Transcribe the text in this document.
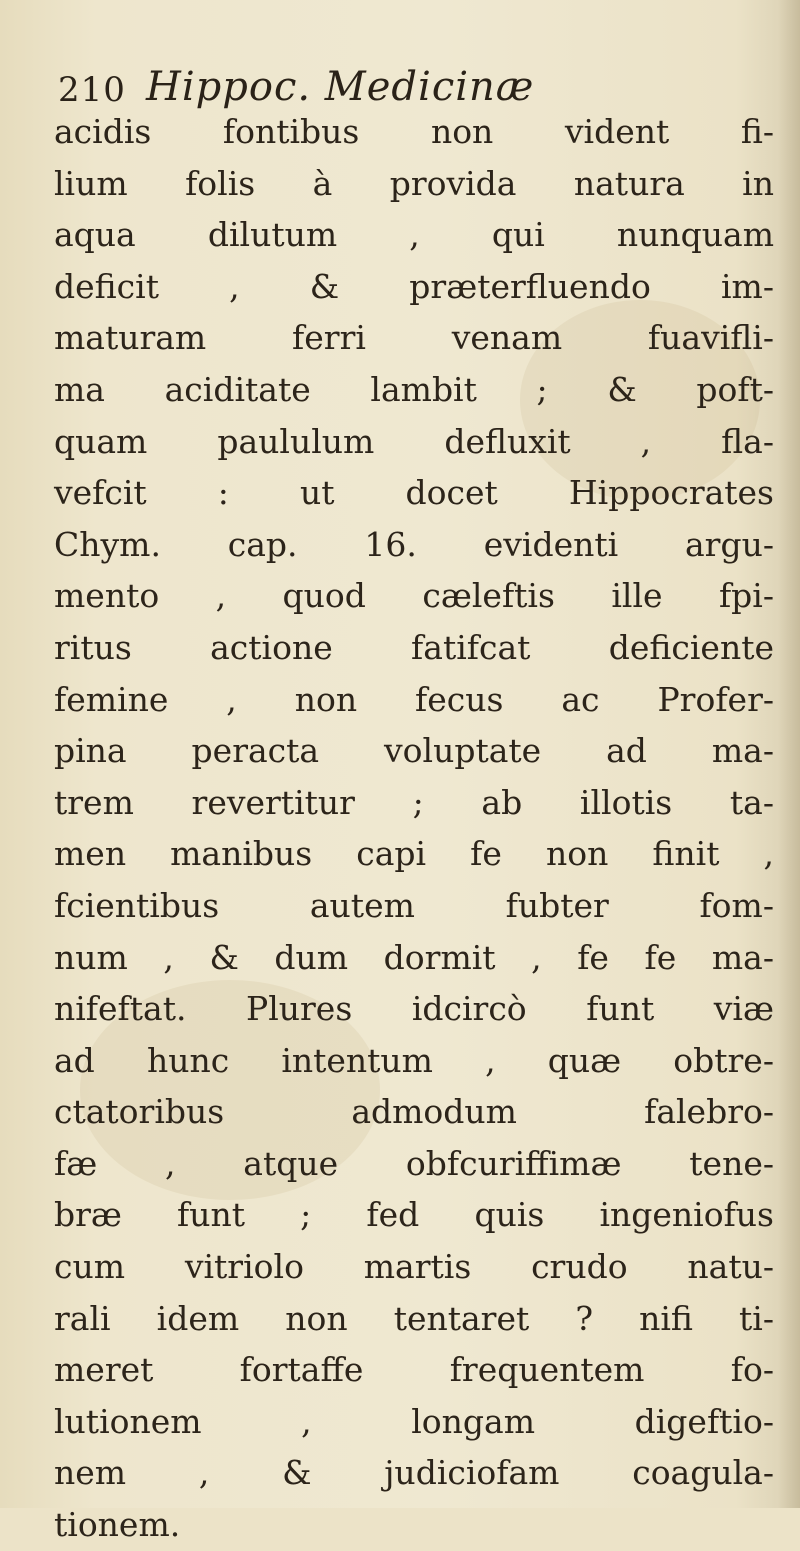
210 Hippoc. Medicinæ
acidis fontibus non vident fi-
lium folis à provida natura in
aqua dilutum , qui nunquam
deficit , & præterfluendo im-
maturam ferri venam fuavifli-
ma aciditate lambit ; & poft-
quam paululum defluxit , fla-
vefcit : ut docet Hippocrates
Chym. cap. 16. evidenti argu-
mento , quod cæleftis ille fpi-
ritus actione fatifcat deficiente
femine , non fecus ac Profer-
pina peracta voluptate ad ma-
trem revertitur ; ab illotis ta-
men manibus capi fe non finit ,
fcientibus autem fubter fom-
num , & dum dormit , fe fe ma-
nifeftat. Plures idcircò funt viæ
ad hunc intentum , quæ obtre-
ctatoribus admodum falebro-
fæ , atque obfcuriffimæ tene-
bræ funt ; fed quis ingeniofus
cum vitriolo martis crudo natu-
rali idem non tentaret ? nifi ti-
meret fortaffe frequentem fo-
lutionem , longam digeftio-
nem , & judiciofam coagula-
tionem.
